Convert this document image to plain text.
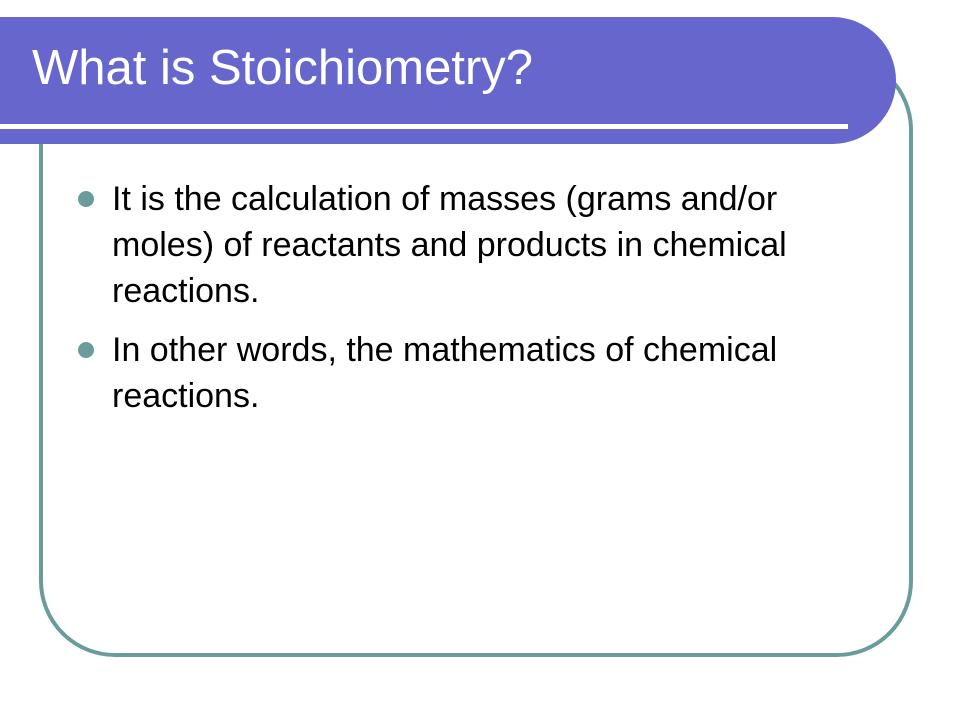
What is Stoichiometry?
It is the calculation of masses (grams and/or moles) of reactants and products in chemical reactions.
In other words, the mathematics of chemical reactions.
